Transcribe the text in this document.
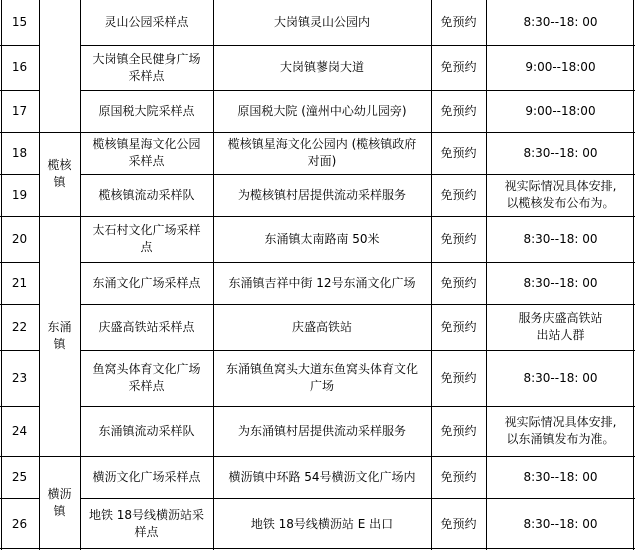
15
16
17
18
19
20
21
22
23
24
25
26
榄核镇
东涌镇
横沥镇
灵山公园采样点
大岗镇全民健身广场
采样点
原国税大院采样点
榄核镇星海文化公园
采样点
榄核镇流动采样队
太石村文化广场采样
点
东涌文化广场采样点
庆盛高铁站采样点
鱼窝头体育文化广场
采样点
东涌镇流动采样队
横沥文化广场采样点
地铁 18号线横沥站采
样点
大岗镇灵山公园内
大岗镇蓼岗大道
原国税大院 (潼州中心幼儿园旁)
榄核镇星海文化公园内 (榄核镇政府
对面)
为榄核镇村居提供流动采样服务
东涌镇太南路南 50米
东涌镇吉祥中街 12号东涌文化广场
庆盛高铁站
东涌镇鱼窝头大道东鱼窝头体育文化
广场
为东涌镇村居提供流动采样服务
横沥镇中环路 54号横沥文化广场内
地铁 18号线横沥站 E 出口
免预约
免预约
免预约
免预约
免预约
免预约
免预约
免预约
免预约
免预约
免预约
免预约
8:30--18: 00
9:00--18:00
9:00--18:00
8:30--18: 00
视实际情况具体安排,
以榄核发布公布为。
8:30--18: 00
8:30--18: 00
服务庆盛高铁站
出站人群
8:30--18: 00
视实际情况具体安排,
以东涌镇发布为准。
8:30--18: 00
8:30--18: 00
